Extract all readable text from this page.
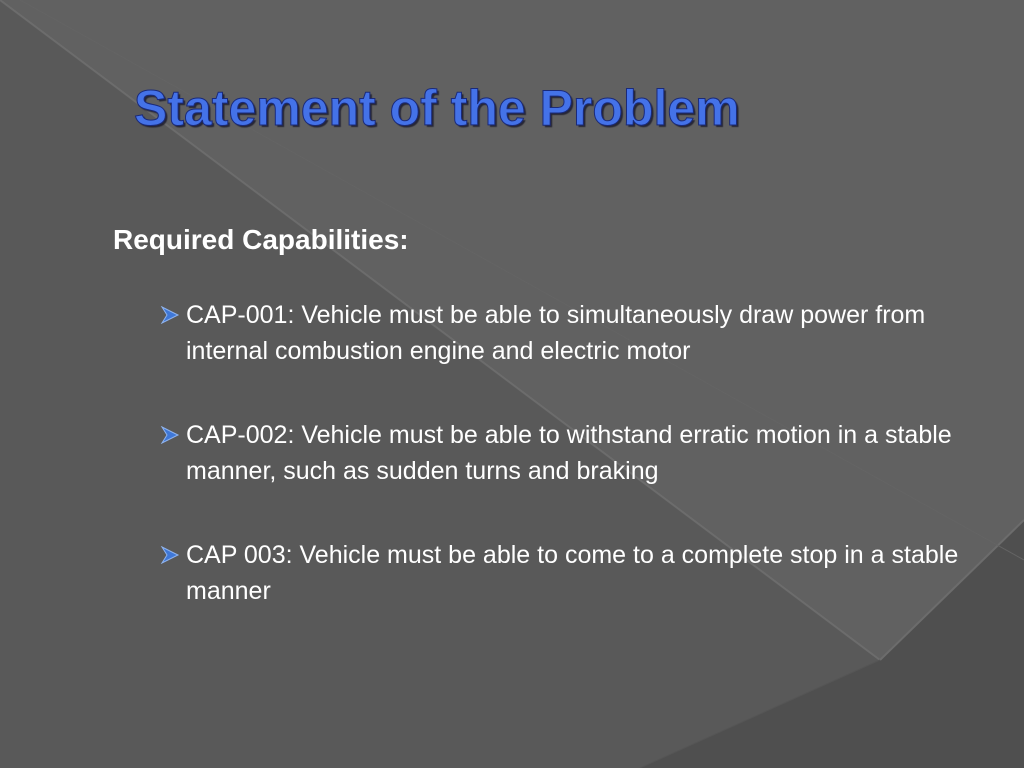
Statement of the Problem
Required Capabilities:
CAP-001: Vehicle must be able to simultaneously draw power from internal combustion engine and electric motor
CAP-002: Vehicle must be able to withstand erratic motion in a stable manner, such as sudden turns and braking
CAP 003: Vehicle must be able to come to a complete stop in a stable manner
